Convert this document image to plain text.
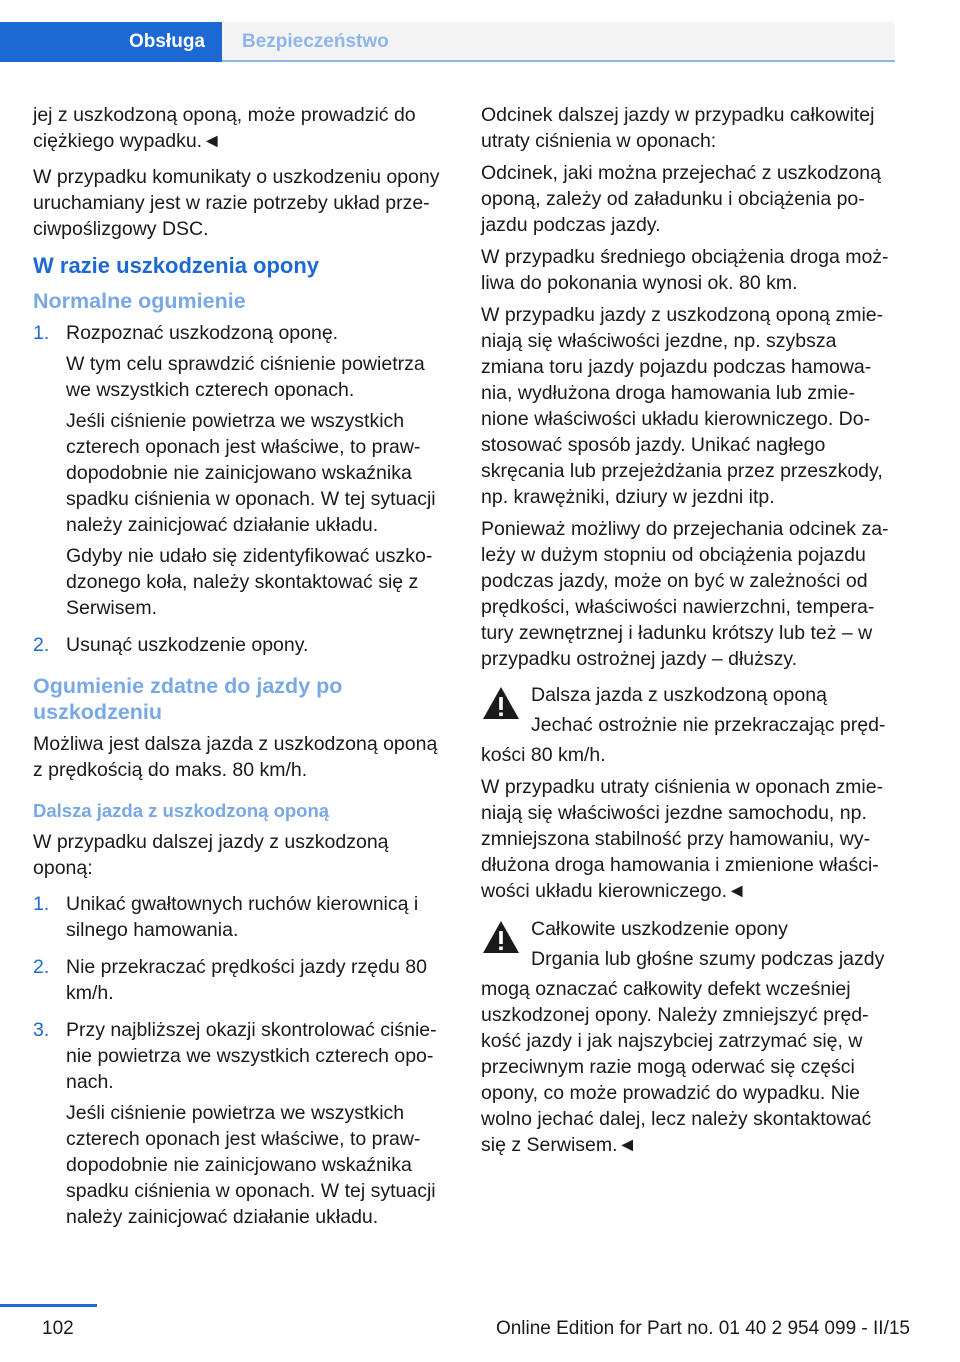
Obsługa	Bezpieczeństwo

jej z uszkodzoną oponą, może prowadzić do ciężkiego wypadku.◄

W przypadku komunikaty o uszkodzeniu opony uruchamiany jest w razie potrzeby układ prze‐ciwpoślizgowy DSC.

W razie uszkodzenia opony
Normalne ogumienie
1. Rozpoznać uszkodzoną oponę.

W tym celu sprawdzić ciśnienie powietrza we wszystkich czterech oponach.

Jeśli ciśnienie powietrza we wszystkich czterech oponach jest właściwe, to praw‐dopodobnie nie zainicjowano wskaźnika spadku ciśnienia w oponach. W tej sytuacji należy zainicjować działanie układu.

Gdyby nie udało się zidentyfikować uszko‐dzonego koła, należy skontaktować się z Serwisem.

2. Usunąć uszkodzenie opony.

Ogumienie zdatne do jazdy po uszkodzeniu

Możliwa jest dalsza jazda z uszkodzoną oponą z prędkością do maks. 80 km/h.

Dalsza jazda z uszkodzoną oponą

W przypadku dalszej jazdy z uszkodzoną oponą:

1. Unikać gwałtownych ruchów kierownicą i silnego hamowania.

2. Nie przekraczać prędkości jazdy rzędu 80 km/h.

3. Przy najbliższej okazji skontrolować ciśnie‐nie powietrza we wszystkich czterech opo‐nach.

Jeśli ciśnienie powietrza we wszystkich czterech oponach jest właściwe, to praw‐dopodobnie nie zainicjowano wskaźnika spadku ciśnienia w oponach. W tej sytuacji należy zainicjować działanie układu.

Odcinek dalszej jazdy w przypadku całkowitej utraty ciśnienia w oponach:

Odcinek, jaki można przejechać z uszkodzoną oponą, zależy od załadunku i obciążenia po‐jazdu podczas jazdy.

W przypadku średniego obciążenia droga moż‐liwa do pokonania wynosi ok. 80 km.

W przypadku jazdy z uszkodzoną oponą zmie‐niają się właściwości jezdne, np. szybsza zmiana toru jazdy pojazdu podczas hamowa‐nia, wydłużona droga hamowania lub zmie‐nione właściwości układu kierowniczego. Do‐stosować sposób jazdy. Unikać nagłego skręcania lub przejeżdżania przez przeszkody, np. krawężniki, dziury w jezdni itp.

Ponieważ możliwy do przejechania odcinek za‐leży w dużym stopniu od obciążenia pojazdu podczas jazdy, może on być w zależności od prędkości, właściwości nawierzchni, tempera‐tury zewnętrznej i ładunku krótszy lub też – w przypadku ostrożnej jazdy – dłuższy.

Dalsza jazda z uszkodzoną oponą

Jechać ostrożnie nie przekraczając pręd‐

kości 80 km/h.

W przypadku utraty ciśnienia w oponach zmie‐niają się właściwości jezdne samochodu, np. zmniejszona stabilność przy hamowaniu, wy‐dłużona droga hamowania i zmienione właści‐wości układu kierowniczego.◄

Całkowite uszkodzenie opony

Drgania lub głośne szumy podczas jazdy

mogą oznaczać całkowity defekt wcześniej uszkodzonej opony. Należy zmniejszyć pręd‐kość jazdy i jak najszybciej zatrzymać się, w przeciwnym razie mogą oderwać się części opony, co może prowadzić do wypadku. Nie wolno jechać dalej, lecz należy skontaktować się z Serwisem.◄

102	Online Edition for Part no. 01 40 2 954 099 - II/15
